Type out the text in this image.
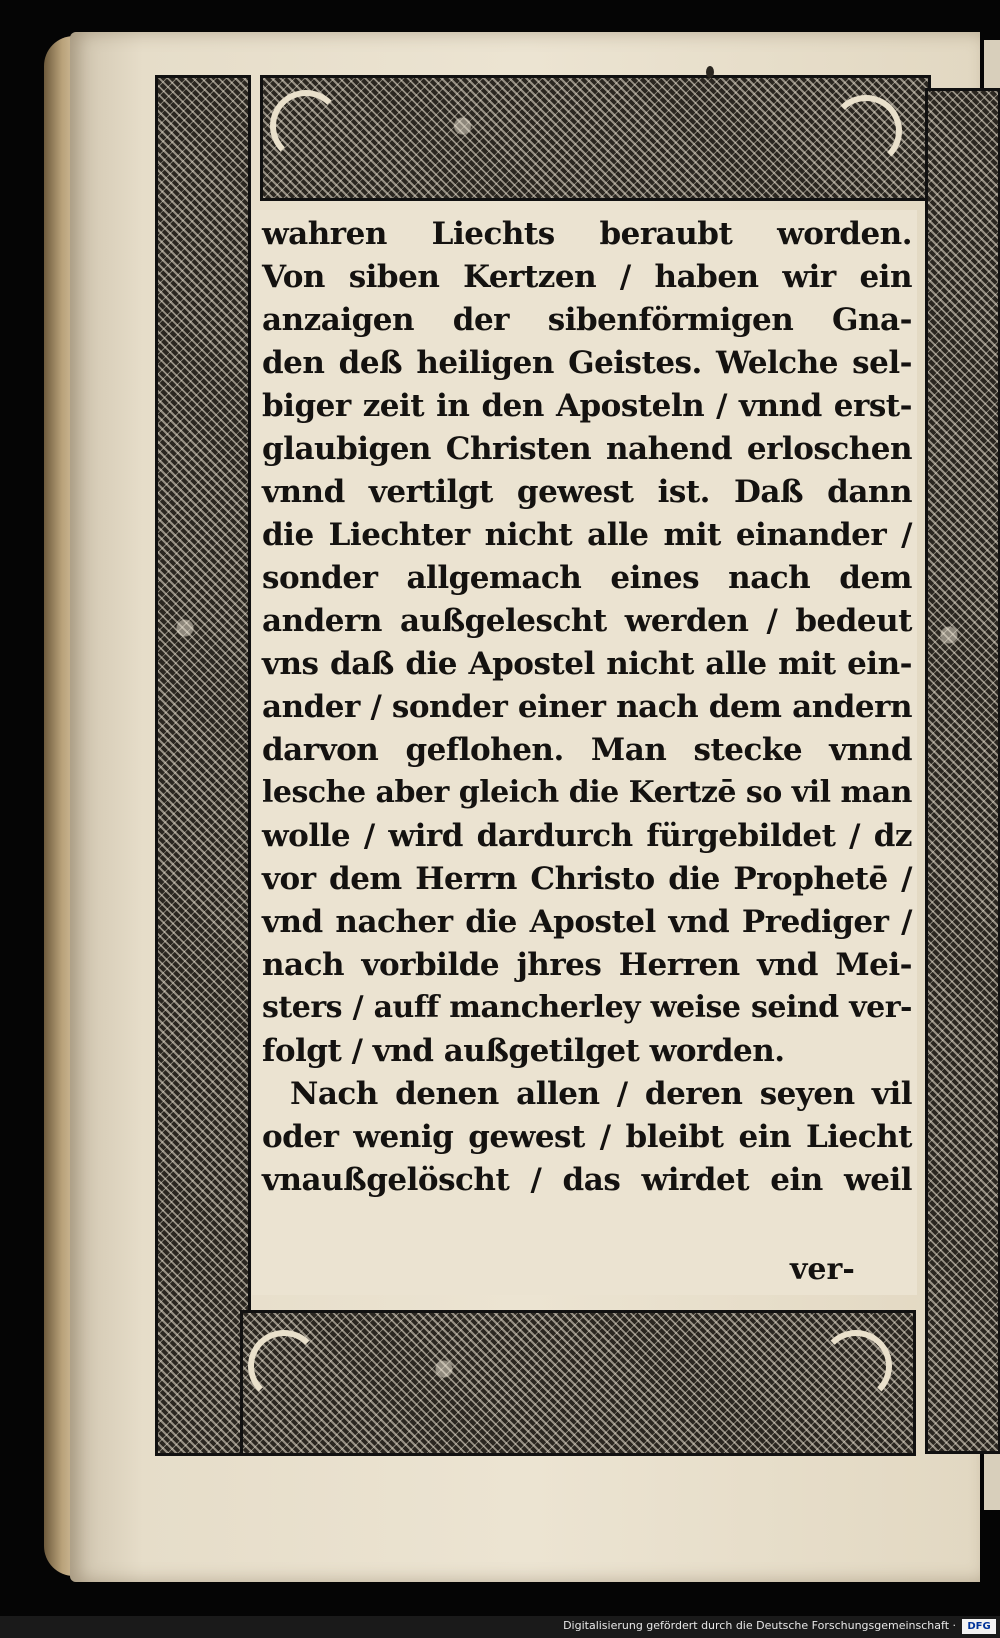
wahren Liechts beraubt worden.
Von siben Kertzen / haben wir ein
anzaigen der sibenförmigen Gna-
den deß heiligen Geistes. Welche sel-
biger zeit in den Aposteln / vnnd erst-
glaubigen Christen nahend erloschen
vnnd vertilgt gewest ist. Daß dann
die Liechter nicht alle mit einander /
sonder allgemach eines nach dem
andern außgelescht werden / bedeut
vns daß die Apostel nicht alle mit ein-
ander / sonder einer nach dem andern
darvon geflohen. Man stecke vnnd
lesche aber gleich die Kertzē so vil man
wolle / wird dardurch fürgebildet / dz
vor dem Herrn Christo die Prophetē /
vnd nacher die Apostel vnd Prediger /
nach vorbilde jhres Herren vnd Mei-
sters / auff mancherley weise seind ver-
folgt / vnd außgetilget worden.
Nach denen allen / deren seyen vil
oder wenig gewest / bleibt ein Liecht
vnaußgelöscht / das wirdet ein weil
ver-
Digitalisierung gefördert durch die Deutsche Forschungsgemeinschaft ·	DFG
